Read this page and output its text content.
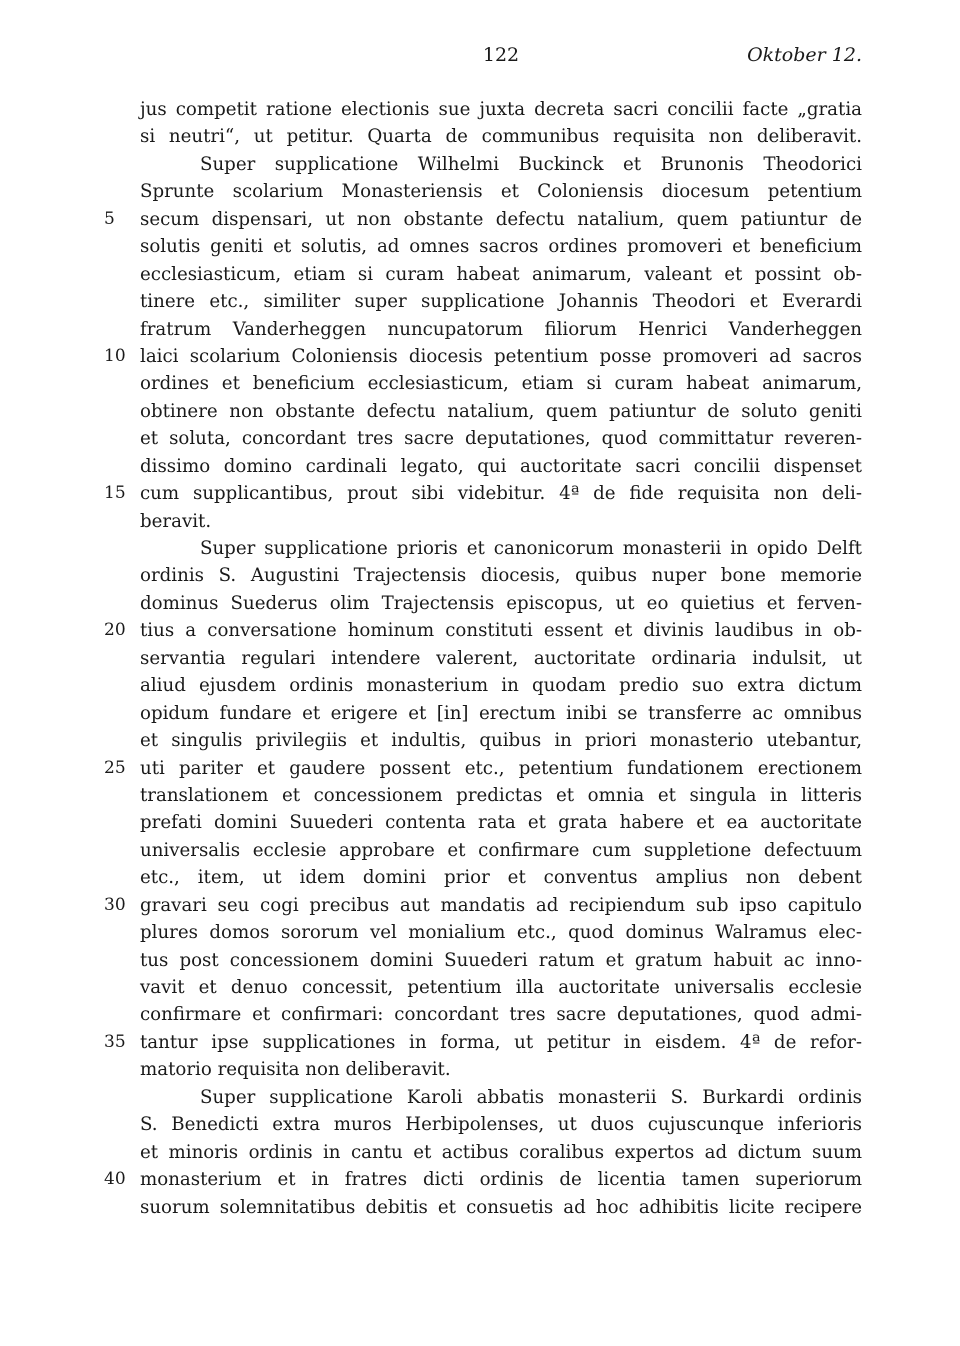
122	Oktober 12.
jus competit ratione electionis sue juxta decreta sacri concilii facte „gratia
si neutri“, ut petitur. Quarta de communibus requisita non deliberavit.
Super supplicatione Wilhelmi Buckinck et Brunonis Theodorici
Sprunte scolarium Monasteriensis et Coloniensis diocesum petentium
5	secum dispensari, ut non obstante defectu natalium, quem patiuntur de
solutis geniti et solutis, ad omnes sacros ordines promoveri et beneficium
ecclesiasticum, etiam si curam habeat animarum, valeant et possint ob-
tinere etc., similiter super supplicatione Johannis Theodori et Everardi
fratrum Vanderheggen nuncupatorum filiorum Henrici Vanderheggen
10 laici scolarium Coloniensis diocesis petentium posse promoveri ad sacros
ordines et beneficium ecclesiasticum, etiam si curam habeat animarum,
obtinere non obstante defectu natalium, quem patiuntur de soluto geniti
et soluta, concordant tres sacre deputationes, quod committatur reveren-
dissimo domino cardinali legato, qui auctoritate sacri concilii dispenset
15 cum supplicantibus, prout sibi videbitur. 4ª de fide requisita non deli-
beravit.
Super supplicatione prioris et canonicorum monasterii in opido Delft
ordinis S. Augustini Trajectensis diocesis, quibus nuper bone memorie
dominus Suederus olim Trajectensis episcopus, ut eo quietius et ferven-
20 tius a conversatione hominum constituti essent et divinis laudibus in ob-
servantia regulari intendere valerent, auctoritate ordinaria indulsit, ut
aliud ejusdem ordinis monasterium in quodam predio suo extra dictum
opidum fundare et erigere et [in] erectum inibi se transferre ac omnibus
et singulis privilegiis et indultis, quibus in priori monasterio utebantur,
25 uti pariter et gaudere possent etc., petentium fundationem erectionem
translationem et concessionem predictas et omnia et singula in litteris
prefati domini Suuederi contenta rata et grata habere et ea auctoritate
universalis ecclesie approbare et confirmare cum suppletione defectuum
etc., item, ut idem domini prior et conventus amplius non debent
30 gravari seu cogi precibus aut mandatis ad recipiendum sub ipso capitulo
plures domos sororum vel monialium etc., quod dominus Walramus elec-
tus post concessionem domini Suuederi ratum et gratum habuit ac inno-
vavit et denuo concessit, petentium illa auctoritate universalis ecclesie
confirmare et confirmari: concordant tres sacre deputationes, quod admi-
35 tantur ipse supplicationes in forma, ut petitur in eisdem. 4ª de refor-
matorio requisita non deliberavit.
Super supplicatione Karoli abbatis monasterii S. Burkardi ordinis
S. Benedicti extra muros Herbipolenses, ut duos cujuscunque inferioris
et minoris ordinis in cantu et actibus coralibus expertos ad dictum suum
40 monasterium et in fratres dicti ordinis de licentia tamen superiorum
suorum solemnitatibus debitis et consuetis ad hoc adhibitis licite recipere
